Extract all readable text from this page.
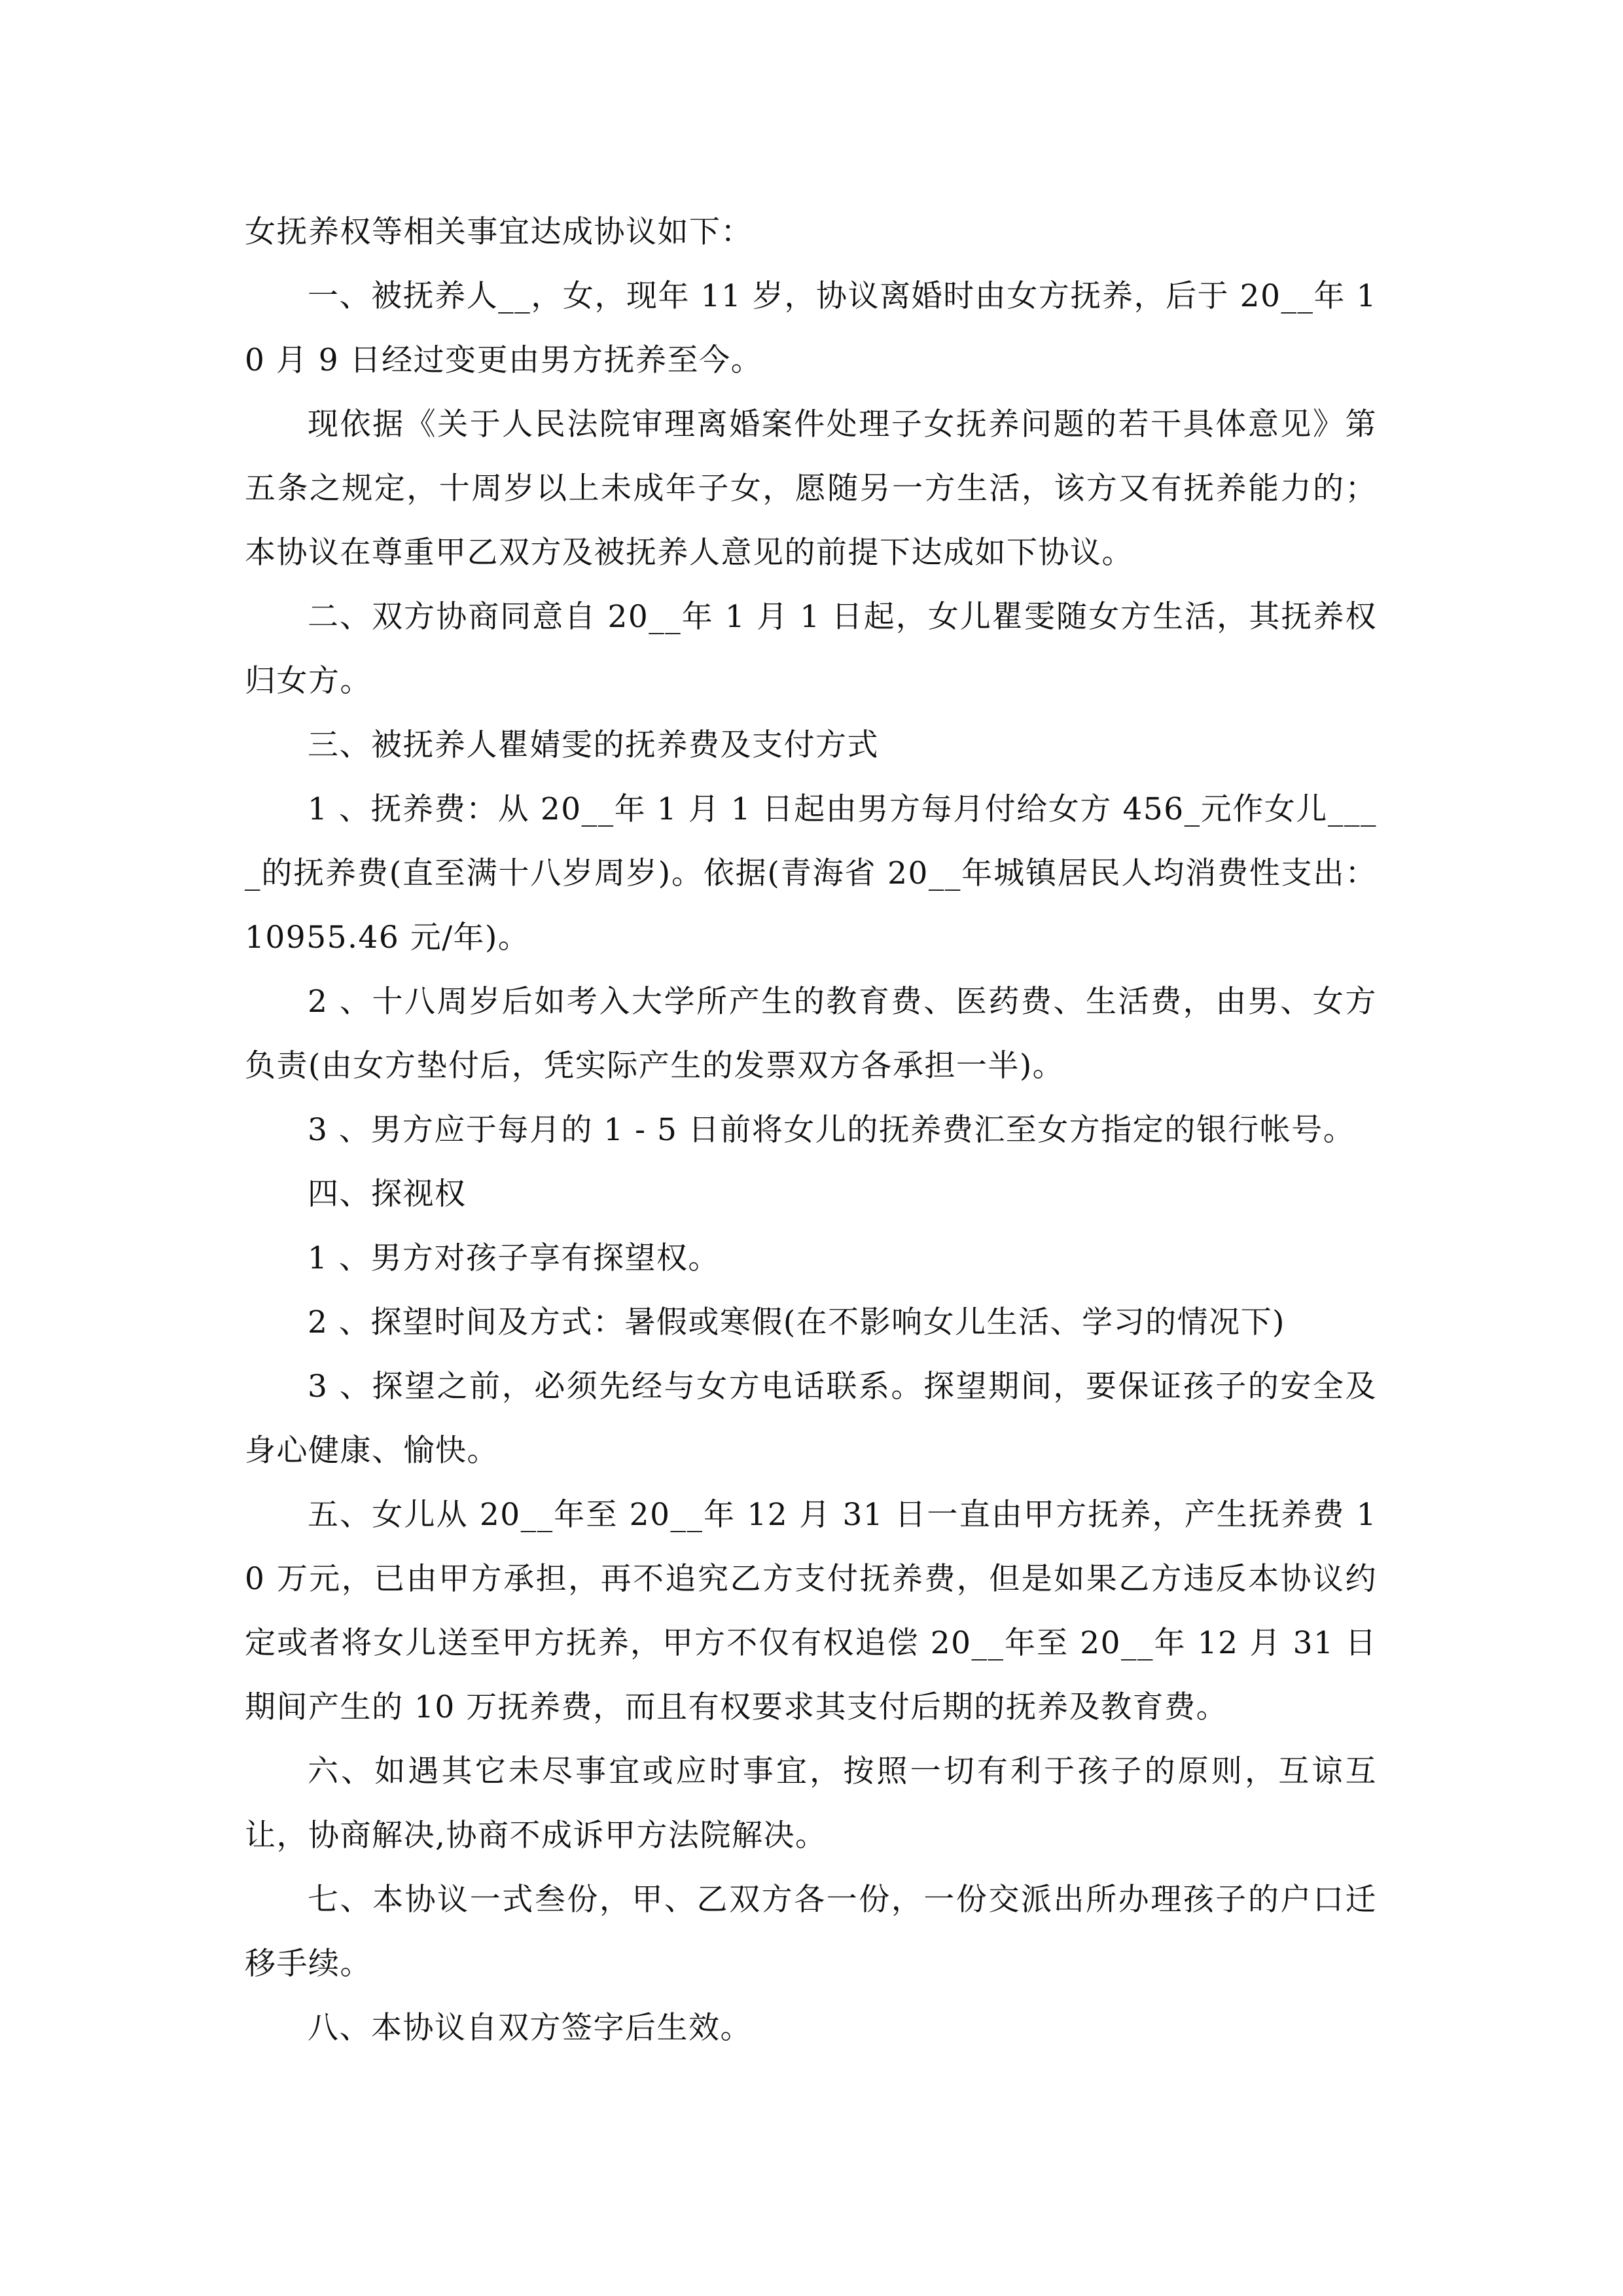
女抚养权等相关事宜达成协议如下：

一、被抚养人__，女，现年 11 岁，协议离婚时由女方抚养，后于 20__年 10 月 9 日经过变更由男方抚养至今。

现依据《关于人民法院审理离婚案件处理子女抚养问题的若干具体意见》第五条之规定，十周岁以上未成年子女，愿随另一方生活，该方又有抚养能力的；本协议在尊重甲乙双方及被抚养人意见的前提下达成如下协议。

二、双方协商同意自 20__年 1 月 1 日起，女儿瞿雯随女方生活，其抚养权归女方。

三、被抚养人瞿婧雯的抚养费及支付方式

1 、抚养费：从 20__年 1 月 1 日起由男方每月付给女方 456_元作女儿____的抚养费(直至满十八岁周岁)。依据(青海省 20__年城镇居民人均消费性支出：10955.46 元/年)。

2 、十八周岁后如考入大学所产生的教育费、医药费、生活费，由男、女方负责(由女方垫付后，凭实际产生的发票双方各承担一半)。

3 、男方应于每月的 1 - 5 日前将女儿的抚养费汇至女方指定的银行帐号。

四、探视权

1 、男方对孩子享有探望权。

2 、探望时间及方式：暑假或寒假(在不影响女儿生活、学习的情况下)

3 、探望之前，必须先经与女方电话联系。探望期间，要保证孩子的安全及身心健康、愉快。

五、女儿从 20__年至 20__年 12 月 31 日一直由甲方抚养，产生抚养费 10 万元，已由甲方承担，再不追究乙方支付抚养费，但是如果乙方违反本协议约定或者将女儿送至甲方抚养，甲方不仅有权追偿 20__年至 20__年 12 月 31 日期间产生的 10 万抚养费，而且有权要求其支付后期的抚养及教育费。

六、如遇其它未尽事宜或应时事宜，按照一切有利于孩子的原则，互谅互让，协商解决,协商不成诉甲方法院解决。

七、本协议一式叁份，甲、乙双方各一份，一份交派出所办理孩子的户口迁移手续。

八、本协议自双方签字后生效。
